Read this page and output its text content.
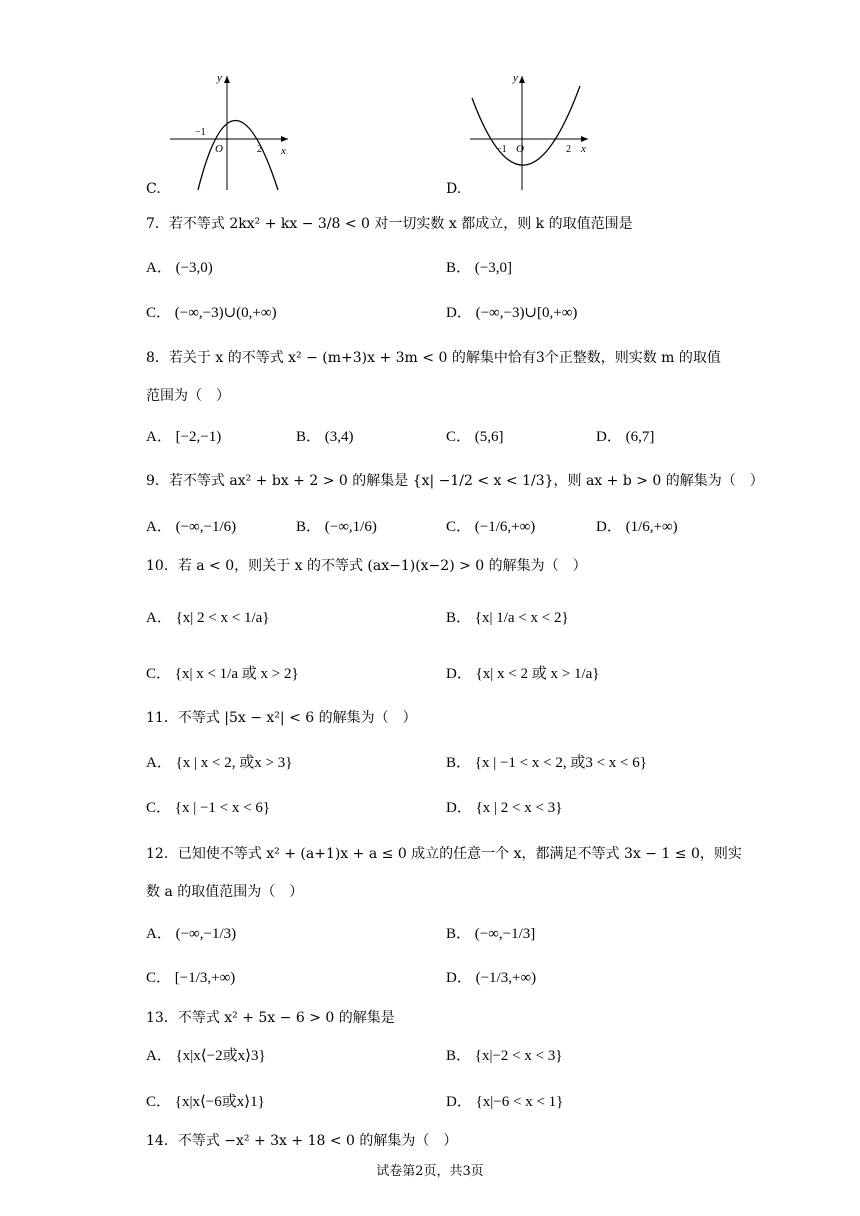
y
x
O
−1
2
C.
y
x
O
−1	2
D.
7．若不等式 2kx² + kx − 3/8 < 0 对一切实数 x 都成立，则 k 的取值范围是
A． (−3,0)	B． (−3,0]
C． (−∞,−3)∪(0,+∞)	D． (−∞,−3)∪[0,+∞)
8．若关于 x 的不等式 x² − (m+3)x + 3m < 0 的解集中恰有3个正整数，则实数 m 的取值
范围为（　）
A． [−2,−1)	B． (3,4)	C． (5,6]	D． (6,7]
9．若不等式 ax² + bx + 2 > 0 的解集是 {x| −1/2 < x < 1/3}，则 ax + b > 0 的解集为（　）
A． (−∞,−1/6)	B． (−∞,1/6)	C． (−1/6,+∞)	D． (1/6,+∞)
10．若 a < 0，则关于 x 的不等式 (ax−1)(x−2) > 0 的解集为（　）
A． {x| 2 < x < 1/a}	B． {x| 1/a < x < 2}
C． {x| x < 1/a 或 x > 2}	D． {x| x < 2 或 x > 1/a}
11．不等式 |5x − x²| < 6 的解集为（　）
A． {x | x < 2, 或x > 3}	B． {x | −1 < x < 2, 或3 < x < 6}
C． {x | −1 < x < 6}	D． {x | 2 < x < 3}
12．已知使不等式 x² + (a+1)x + a ≤ 0 成立的任意一个 x，都满足不等式 3x − 1 ≤ 0，则实
数 a 的取值范围为（　）
A． (−∞,−1/3)	B． (−∞,−1/3]
C． [−1/3,+∞)	D． (−1/3,+∞)
13．不等式 x² + 5x − 6 > 0 的解集是
A． {x|x⟨−2或x⟩3}	B． {x|−2 < x < 3}
C． {x|x⟨−6或x⟩1}	D． {x|−6 < x < 1}
14．不等式 −x² + 3x + 18 < 0 的解集为（　）
试卷第2页，共3页
